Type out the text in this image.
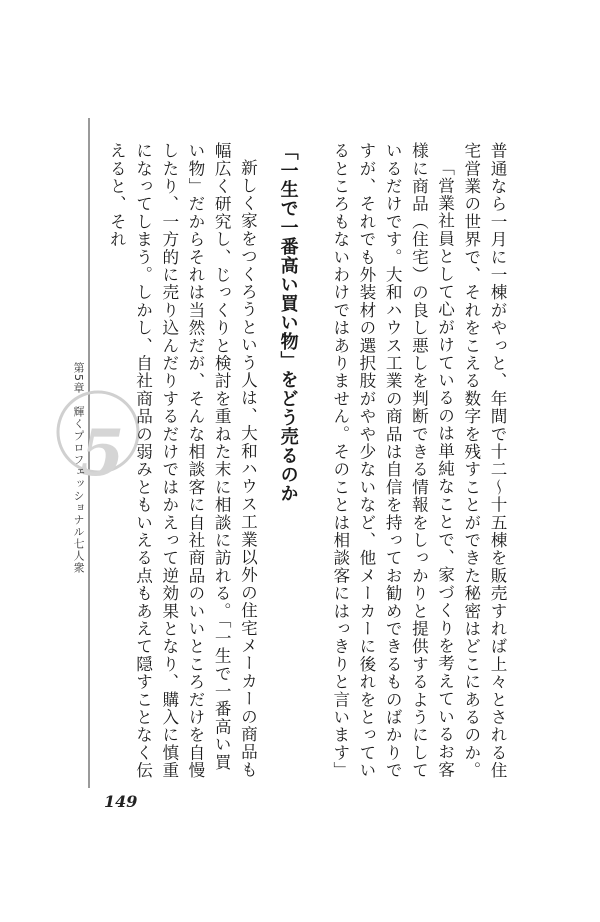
5
第5章　輝くプロフェッショナル七人衆	普通なら一月に一棟がやっと、年間で十二～十五棟を販売すれば上々とされる住宅営業の世界で、それをこえる数字を残すことができた秘密はどこにあるのか。

「営業社員として心がけているのは単純なことで、家づくりを考えているお客様に商品（住宅）の良し悪しを判断できる情報をしっかりと提供するようにしているだけです。大和ハウス工業の商品は自信を持ってお勧めできるものばかりですが、それでも外装材の選択肢がやや少ないなど、他メーカーに後れをとっているところもないわけではありません。そのことは相談客にはっきりと言います」

「一生で一番高い買い物」をどう売るのか

新しく家をつくろうという人は、大和ハウス工業以外の住宅メーカーの商品も幅広く研究し、じっくりと検討を重ねた末に相談に訪れる。「一生で一番高い買い物」だからそれは当然だが、そんな相談客に自社商品のいいところだけを自慢したり、一方的に売り込んだりするだけではかえって逆効果となり、購入に慎重になってしまう。しかし、自社商品の弱みともいえる点もあえて隠すことなく伝えると、それ

149
